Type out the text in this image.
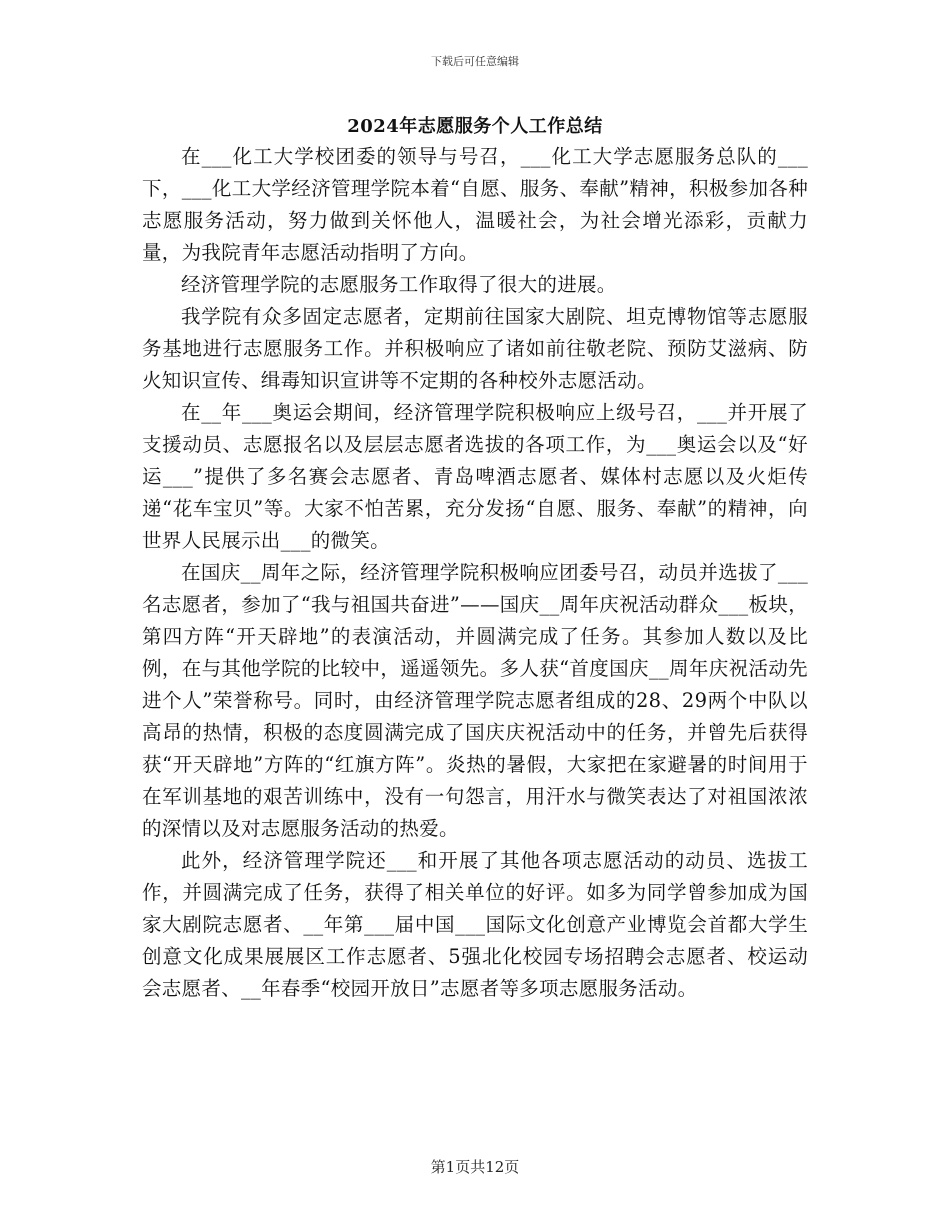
下载后可任意编辑
2024年志愿服务个人工作总结

在___化工大学校团委的领导与号召，___化工大学志愿服务总队的___下，___化工大学经济管理学院本着“自愿、服务、奉献”精神，积极参加各种志愿服务活动，努力做到关怀他人，温暖社会，为社会增光添彩，贡献力量，为我院青年志愿活动指明了方向。

经济管理学院的志愿服务工作取得了很大的进展。

我学院有众多固定志愿者，定期前往国家大剧院、坦克博物馆等志愿服务基地进行志愿服务工作。并积极响应了诸如前往敬老院、预防艾滋病、防火知识宣传、缉毒知识宣讲等不定期的各种校外志愿活动。

在__年___奥运会期间，经济管理学院积极响应上级号召，___并开展了支援动员、志愿报名以及层层志愿者选拔的各项工作，为___奥运会以及“好运___”提供了多名赛会志愿者、青岛啤酒志愿者、媒体村志愿以及火炬传递“花车宝贝”等。大家不怕苦累，充分发扬“自愿、服务、奉献”的精神，向世界人民展示出___的微笑。

在国庆__周年之际，经济管理学院积极响应团委号召，动员并选拔了___名志愿者，参加了“我与祖国共奋进”——国庆__周年庆祝活动群众___板块，第四方阵“开天辟地”的表演活动，并圆满完成了任务。其参加人数以及比例，在与其他学院的比较中，遥遥领先。多人获“首度国庆__周年庆祝活动先进个人”荣誉称号。同时，由经济管理学院志愿者组成的28、29两个中队以高昂的热情，积极的态度圆满完成了国庆庆祝活动中的任务，并曾先后获得获“开天辟地”方阵的“红旗方阵”。炎热的暑假，大家把在家避暑的时间用于在军训基地的艰苦训练中，没有一句怨言，用汗水与微笑表达了对祖国浓浓的深情以及对志愿服务活动的热爱。

此外，经济管理学院还___和开展了其他各项志愿活动的动员、选拔工作，并圆满完成了任务，获得了相关单位的好评。如多为同学曾参加成为国家大剧院志愿者、__年第___届中国___国际文化创意产业博览会首都大学生创意文化成果展展区工作志愿者、5强北化校园专场招聘会志愿者、校运动会志愿者、__年春季“校园开放日”志愿者等多项志愿服务活动。

第1页共12页
